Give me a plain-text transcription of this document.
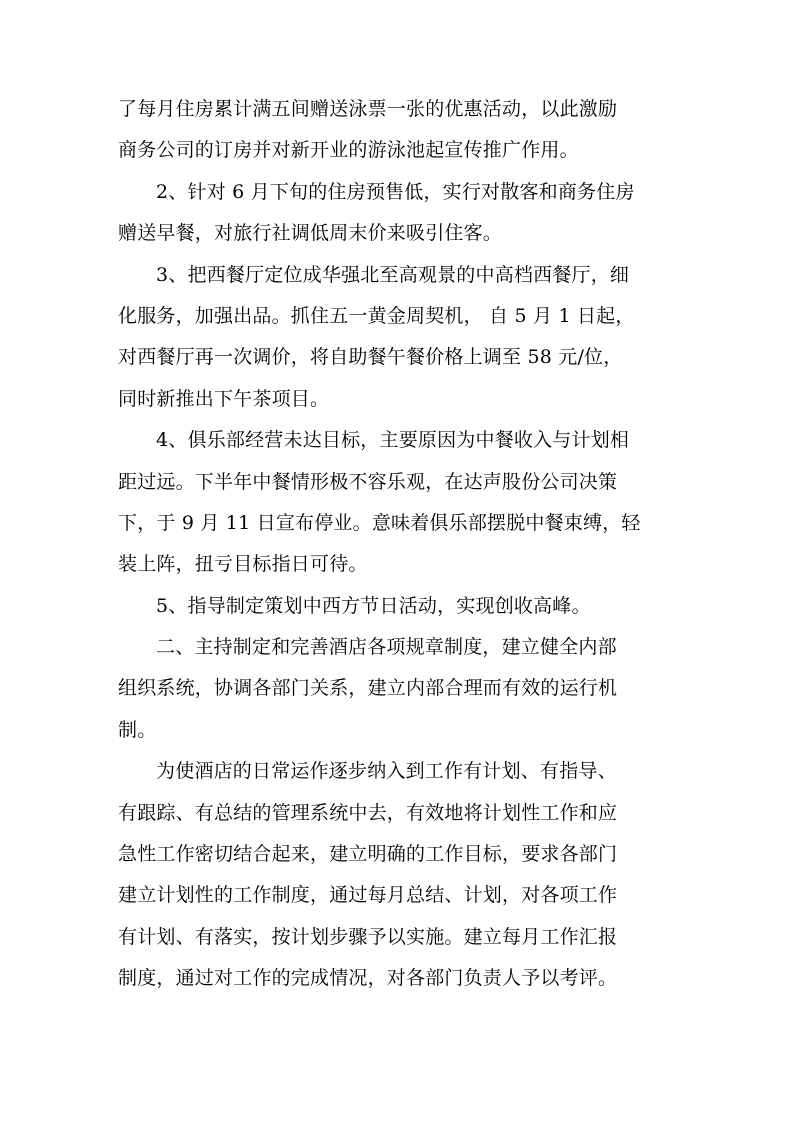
了每月住房累计满五间赠送泳票一张的优惠活动，以此激励
商务公司的订房并对新开业的游泳池起宣传推广作用。
2、针对 6 月下旬的住房预售低，实行对散客和商务住房
赠送早餐，对旅行社调低周末价来吸引住客。
3、把西餐厅定位成华强北至高观景的中高档西餐厅，细
化服务，加强出品。抓住五一黄金周契机， 自 5 月 1 日起，
对西餐厅再一次调价，将自助餐午餐价格上调至 58 元/位，
同时新推出下午茶项目。
4、俱乐部经营未达目标，主要原因为中餐收入与计划相
距过远。下半年中餐情形极不容乐观，在达声股份公司决策
下，于 9 月 11 日宣布停业。意味着俱乐部摆脱中餐束缚，轻
装上阵，扭亏目标指日可待。
5、指导制定策划中西方节日活动，实现创收高峰。
二、主持制定和完善酒店各项规章制度，建立健全内部
组织系统，协调各部门关系，建立内部合理而有效的运行机
制。
为使酒店的日常运作逐步纳入到工作有计划、有指导、
有跟踪、有总结的管理系统中去，有效地将计划性工作和应
急性工作密切结合起来，建立明确的工作目标，要求各部门
建立计划性的工作制度，通过每月总结、计划，对各项工作
有计划、有落实，按计划步骤予以实施。建立每月工作汇报
制度，通过对工作的完成情况，对各部门负责人予以考评。
